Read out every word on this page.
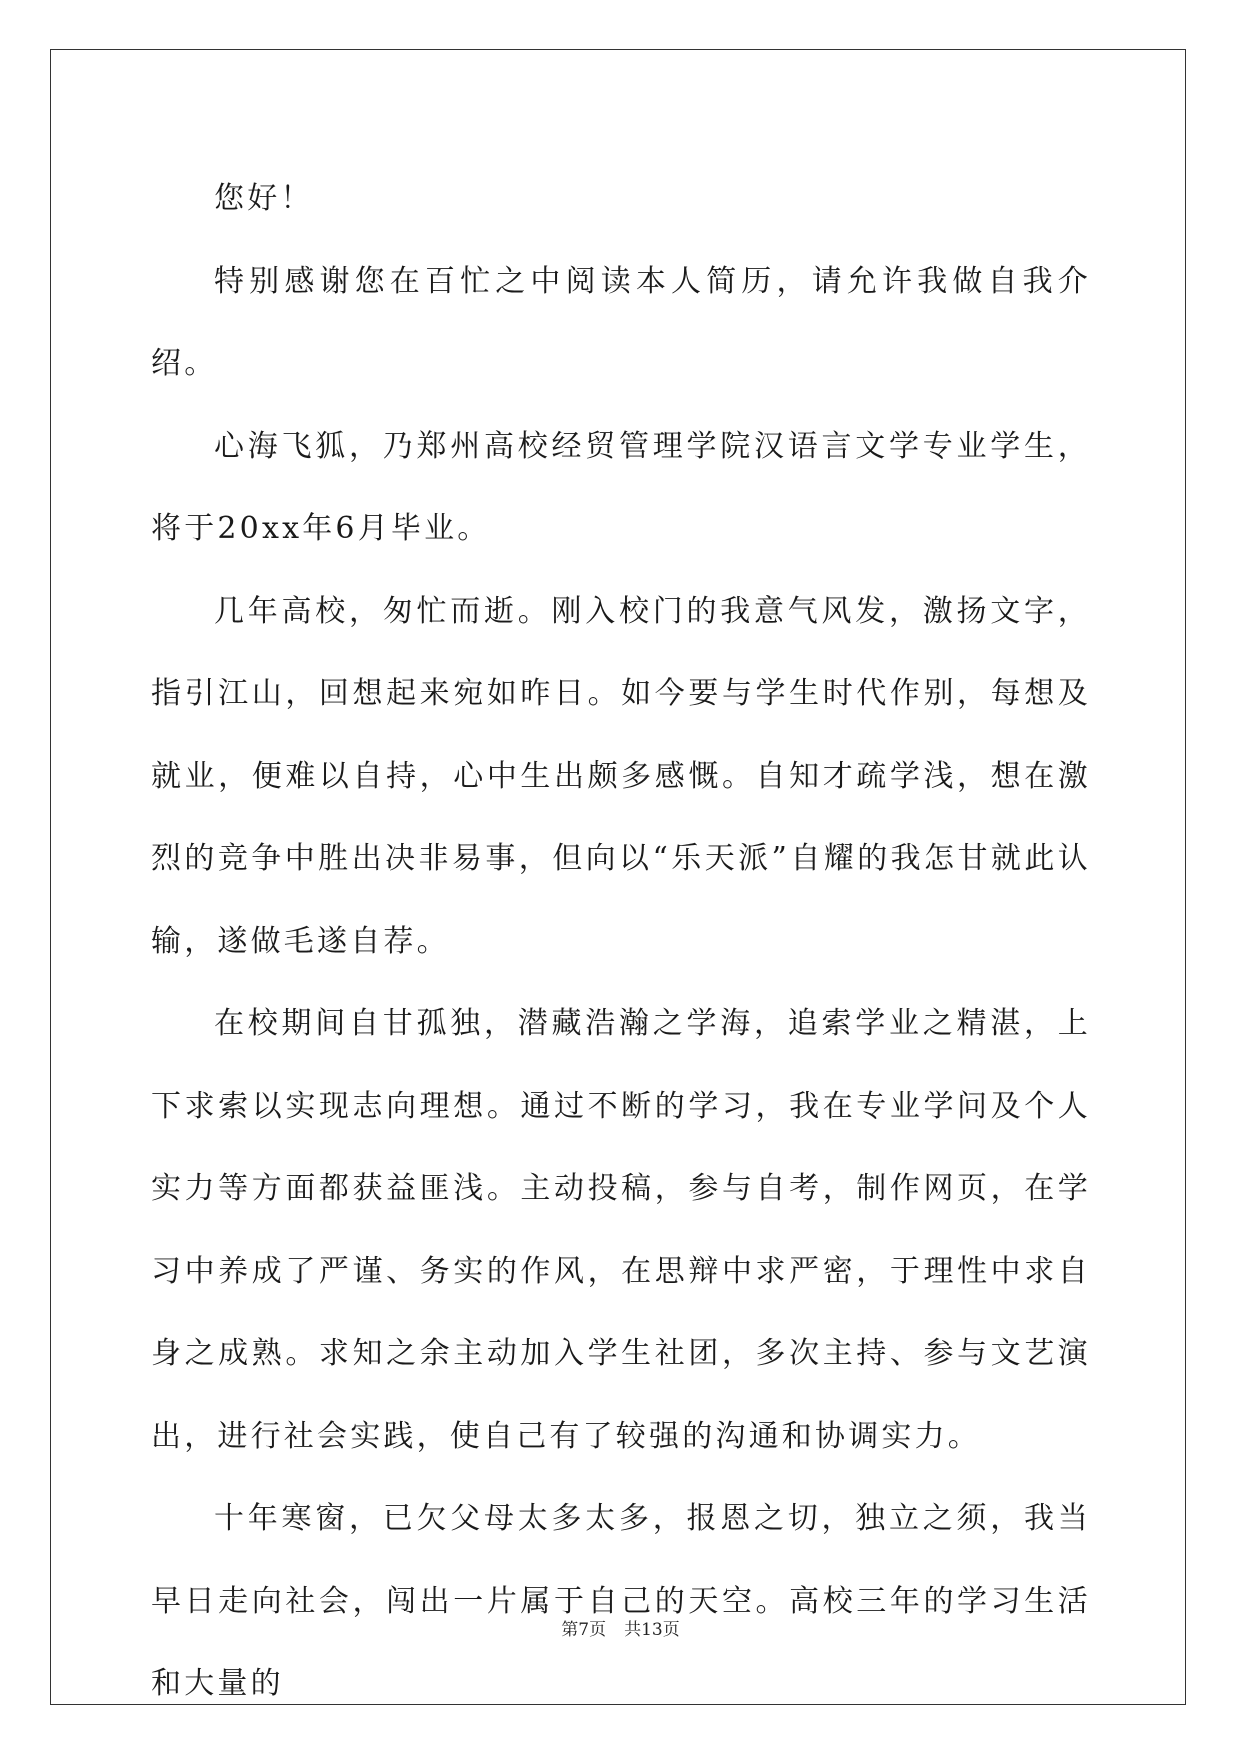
您好！

特别感谢您在百忙之中阅读本人简历，请允许我做自我介绍。

心海飞狐，乃郑州高校经贸管理学院汉语言文学专业学生，将于20xx年6月毕业。

几年高校，匆忙而逝。刚入校门的我意气风发，激扬文字，指引江山，回想起来宛如昨日。如今要与学生时代作别，每想及就业，便难以自持，心中生出颇多感慨。自知才疏学浅，想在激烈的竞争中胜出决非易事，但向以“乐天派”自耀的我怎甘就此认输，遂做毛遂自荐。

在校期间自甘孤独，潜藏浩瀚之学海，追索学业之精湛，上下求索以实现志向理想。通过不断的学习，我在专业学问及个人实力等方面都获益匪浅。主动投稿，参与自考，制作网页，在学习中养成了严谨、务实的作风，在思辩中求严密，于理性中求自身之成熟。求知之余主动加入学生社团，多次主持、参与文艺演出，进行社会实践，使自己有了较强的沟通和协调实力。

十年寒窗，已欠父母太多太多，报恩之切，独立之须，我当早日走向社会，闯出一片属于自己的天空。高校三年的学习生活和大量的

第7页 共13页
